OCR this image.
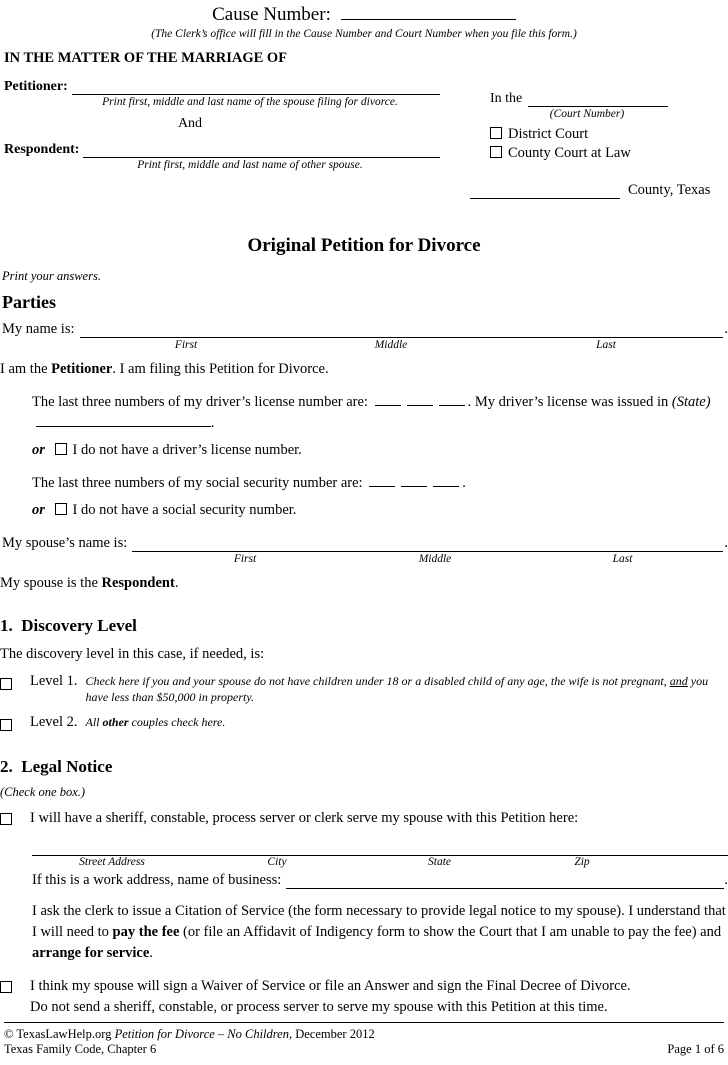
Cause Number:
(The Clerk’s office will fill in the Cause Number and Court Number when you file this form.)
IN THE MATTER OF THE MARRIAGE OF
Petitioner:
Print first, middle and last name of the spouse filing for divorce.
And
Respondent:
Print first, middle and last name of other spouse.
In the
(Court Number)
District Court
County Court at Law
County, Texas
Original Petition for Divorce
Print your answers.
Parties
My name is:	.
First	Middle	Last
I am the Petitioner. I am filing this Petition for Divorce.
The last three numbers of my driver’s license number are:	. My driver’s license was issued in (State).
or I do not have a driver’s license number.
The last three numbers of my social security number are:	.
or I do not have a social security number.
My spouse’s name is:	.
First	Middle	Last
My spouse is the Respondent.
1. Discovery Level
The discovery level in this case, if needed, is:
Level 1. Check here if you and your spouse do not have children under 18 or a disabled child of any age, the wife is not pregnant, and you have less than $50,000 in property.
Level 2. All other couples check here.
2. Legal Notice
(Check one box.)
I will have a sheriff, constable, process server or clerk serve my spouse with this Petition here:
Street Address	City	State	Zip
If this is a work address, name of business:	.
I ask the clerk to issue a Citation of Service (the form necessary to provide legal notice to my spouse). I understand that I will need to pay the fee (or file an Affidavit of Indigency form to show the Court that I am unable to pay the fee) and arrange for service.
I think my spouse will sign a Waiver of Service or file an Answer and sign the Final Decree of Divorce.
Do not send a sheriff, constable, or process server to serve my spouse with this Petition at this time.
© TexasLawHelp.org Petition for Divorce – No Children, December 2012
Texas Family Code, Chapter 6	Page 1 of 6
